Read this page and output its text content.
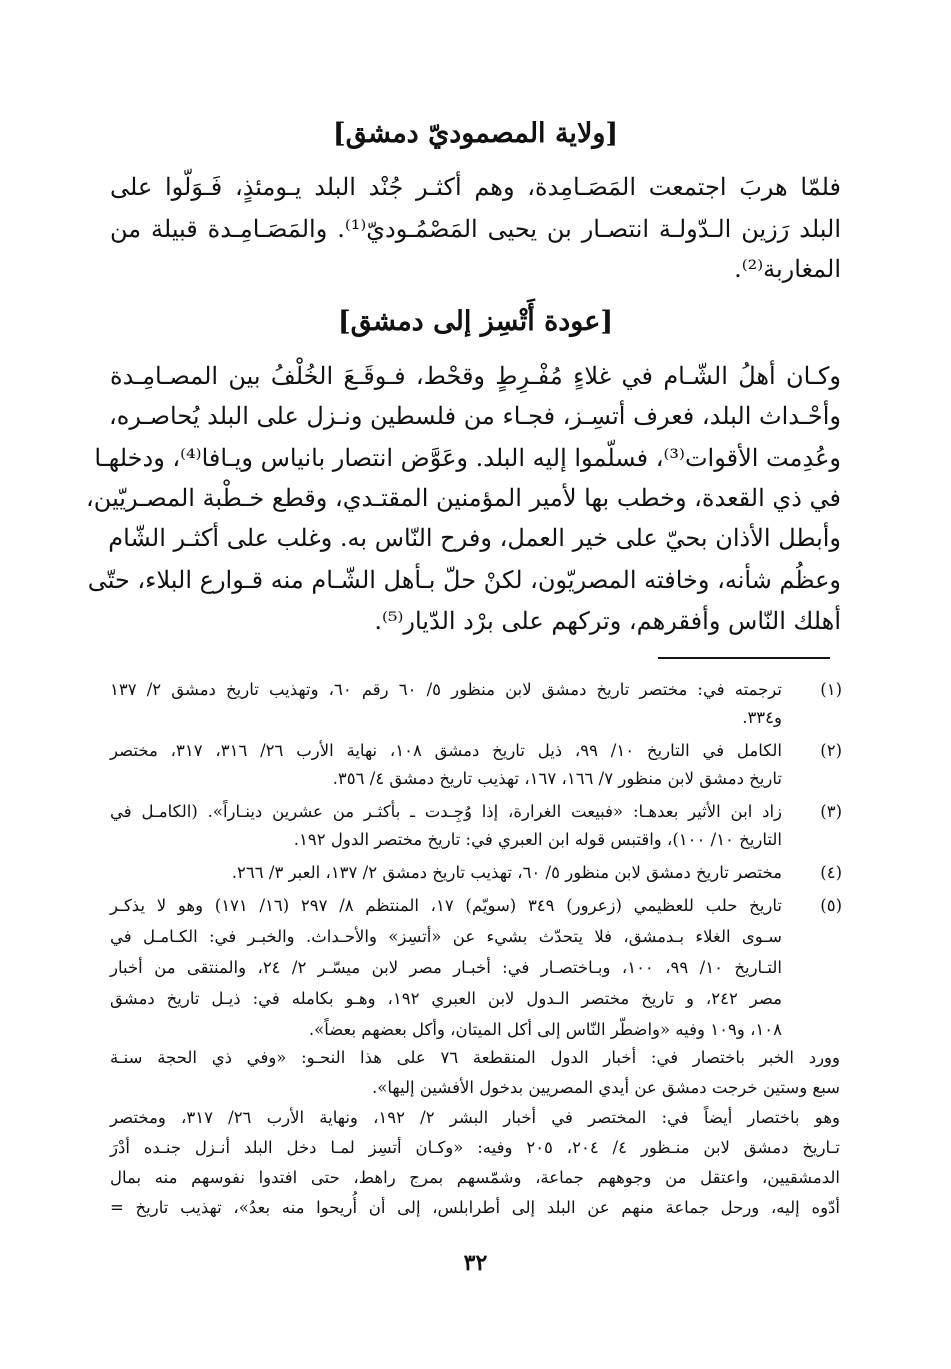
[ولاية المصموديّ دمشق]
فلمّا هربَ اجتمعت المَصَـامِدة، وهم أكثـر جُنْد البلد يـومئذٍ، فَـوَلّوا على
البلد رَزين الـدّولـة انتصـار بن يحيى المَصْمُـوديّ⁽¹⁾. والمَصَـامِـدة قبيلة من
المغاربة⁽²⁾.
[عودة أَتْسِز إلى دمشق]
وكـان أهلُ الشّـام في غلاءٍ مُفْـرِطٍ وقحْط، فـوقَـعَ الخُلْفُ بين المصـامِـدة
وأحْـداث البلد، فعرف أتسِـز، فجـاء من فلسطين ونـزل على البلد يُحاصـره،
وعُدِمت الأقوات⁽³⁾، فسلّموا إليه البلد. وعَوَّض انتصار بانياس ويـافا⁽⁴⁾، ودخلهـا
في ذي القعدة، وخطب بها لأمير المؤمنين المقتـدي، وقطع خـطْبة المصـريّين،
وأبطل الأذان بحيّ على خير العمل، وفرح النّاس به. وغلب على أكثـر الشّام
وعظُم شأنه، وخافته المصريّون، لكنْ حلّ بـأهل الشّـام منه قـوارع البلاء، حتّى
أهلك النّاس وأفقرهم، وتركهم على برْد الدّيار⁽⁵⁾.
(١)
ترجمته في: مختصر تاريخ دمشق لابن منظور ٥/ ٦٠ رقم ٦٠، وتهذيب تاريخ دمشق ٢/ ١٣٧
و٣٣٤.
(٢)
الكامل في التاريخ ١٠/ ٩٩، ذيل تاريخ دمشق ١٠٨، نهاية الأرب ٢٦/ ٣١٦، ٣١٧، مختصر
تاريخ دمشق لابن منظور ٧/ ١٦٦، ١٦٧، تهذيب تاريخ دمشق ٤/ ٣٥٦.
(٣)
زاد ابن الأثير بعدهـا: «فبيعت الغرارة، إذا وُجِـدت ـ بأكثـر من عشرين دينـاراً». (الكامـل في
التاريخ ١٠/ ١٠٠)، واقتبس قوله ابن العبري في: تاريخ مختصر الدول ١٩٢.
(٤)
مختصر تاريخ دمشق لابن منظور ٥/ ٦٠، تهذيب تاريخ دمشق ٢/ ١٣٧، العبر ٣/ ٢٦٦.
(٥)
تاريخ حلب للعظيمي (زعرور) ٣٤٩ (سويّم) ١٧، المنتظم ٨/ ٢٩٧ (١٦/ ١٧١) وهو لا يذكـر
سـوى الغلاء بـدمشق، فلا يتحدّث بشيء عن «أتسِز» والأحـداث. والخبـر في: الكـامـل في
التـاريخ ١٠/ ٩٩، ١٠٠، وبـاختصـار في: أخبـار مصر لابن ميسّـر ٢/ ٢٤، والمنتقى من أخبار
مصر ٢٤٢، و تاريخ مختصر الـدول لابن العبري ١٩٢، وهـو بكامله في: ذيـل تاريخ دمشق
١٠٨، و١٠٩ وفيه «واضطّر النّاس إلى أكل الميتان، وأكل بعضهم بعضاً».
وورد الخبر باختصار في: أخبار الدول المنقطعة ٧٦ على هذا النحـو: «وفي ذي الحجة سنـة
سبع وستين خرجت دمشق عن أيدي المصريين بدخول الأفشين إليها».
وهو باختصار أيضاً في: المختصر في أخبار البشر ٢/ ١٩٢، ونهاية الأرب ٢٦/ ٣١٧، ومختصر
تـاريخ دمشق لابن منـظور ٤/ ٢٠٤، ٢٠٥ وفيه: «وكـان أتسِز لمـا دخل البلد أنـزل جنـده أدْرَ
الدمشقيين، واعتقل من وجوههم جماعة، وشمّسهم بمرج راهط، حتى افتدوا نفوسهم منه بمال
أدّوه إليه، ورحل جماعة منهم عن البلد إلى أطرابلس، إلى أن أُريحوا منه بعدُ»، تهذيب تاريخ =
٣٢
